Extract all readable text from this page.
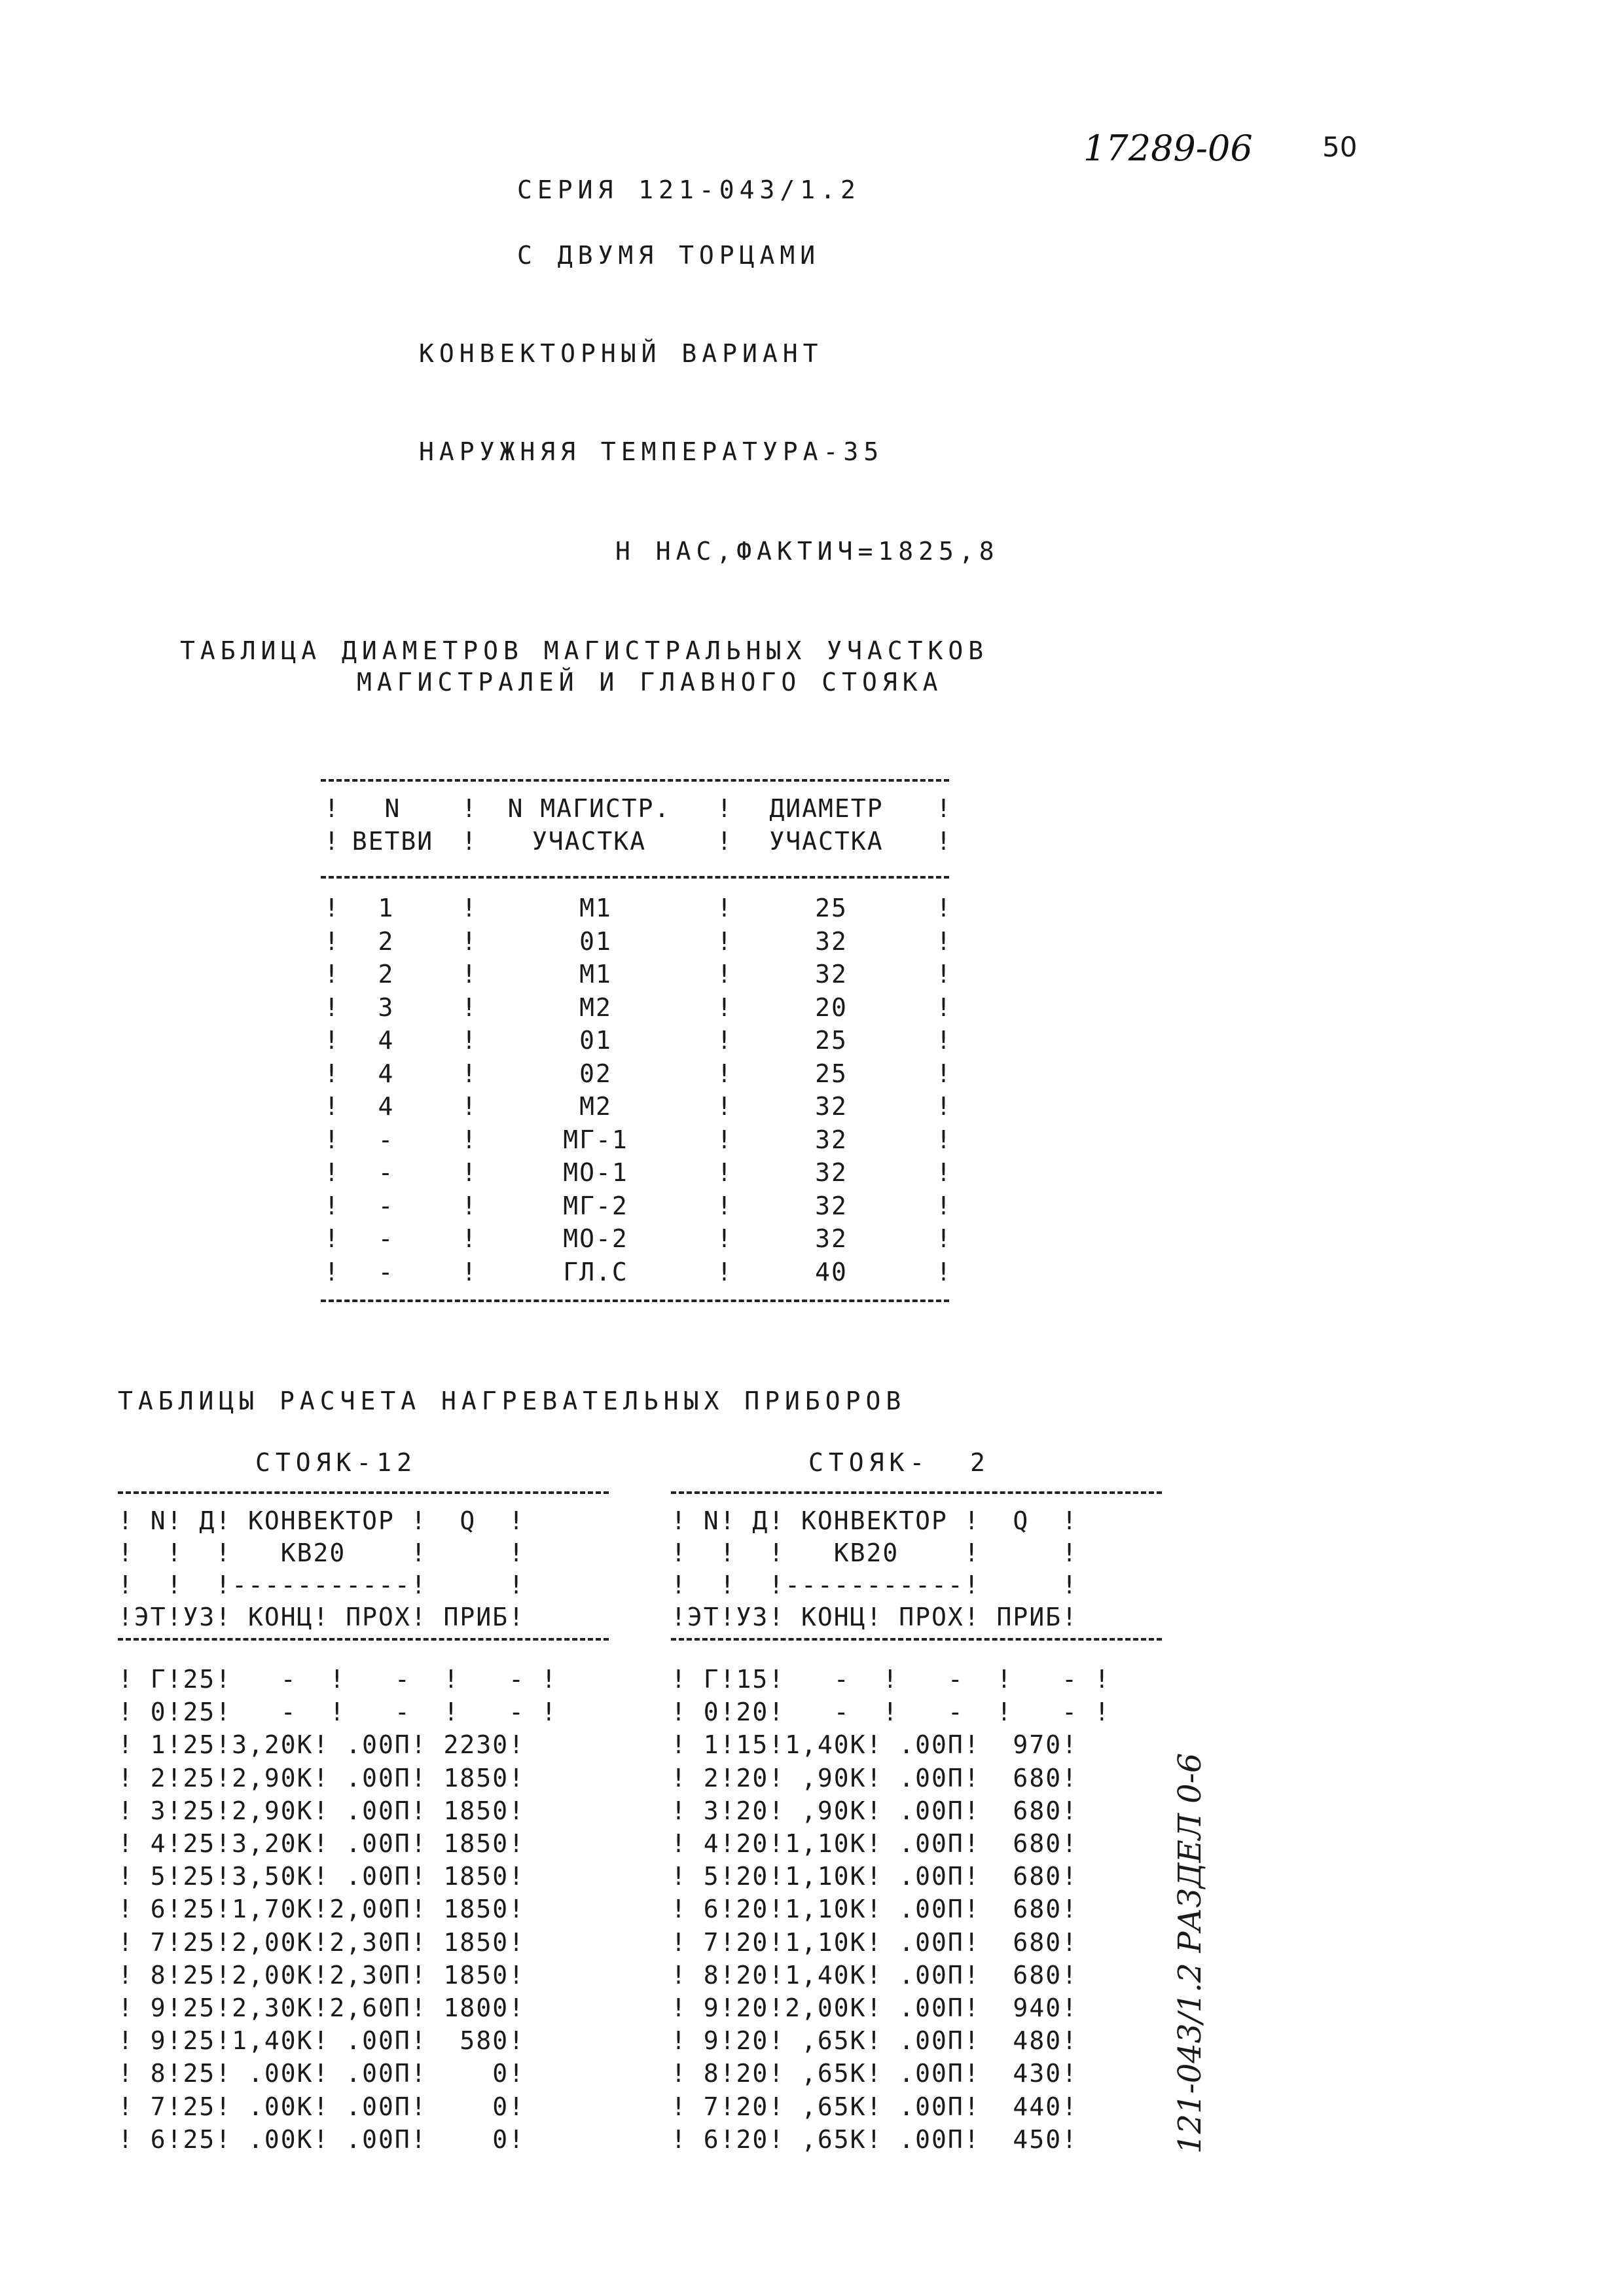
17289-06	50
СЕРИЯ 121-043/1.2
С ДВУМЯ ТОРЦАМИ
КОНВЕКТОРНЫЙ ВАРИАНТ
НАРУЖНЯЯ ТЕМПЕРАТУРА-35
Н НАС,ФАКТИЧ=1825,8
ТАБЛИЦА ДИАМЕТРОВ МАГИСТРАЛЬНЫХ УЧАСТКОВ
МАГИСТРАЛЕЙ И ГЛАВНОГО СТОЯКА
!	!	!	!
N	N МАГИСТР.	ДИАМЕТР
!	!	!	!
ВЕТВИ	УЧАСТКА	УЧАСТКА
!	!	!	!
1	М1	25
!	!	!	!
2	01	32
!	!	!	!
2	М1	32
!	!	!	!
3	М2	20
!	!	!	!
4	01	25
!	!	!	!
4	02	25
!	!	!	!
4	М2	32
!	!	!	!
-	МГ-1	32
!	!	!	!
-	МО-1	32
!	!	!	!
-	МГ-2	32
!	!	!	!
-	МО-2	32
!	!	!	!
-	ГЛ.С	40
ТАБЛИЦЫ РАСЧЕТА НАГРЕВАТЕЛЬНЫХ ПРИБОРОВ
СТОЯК-12	СТОЯК-  2
! N! Д! КОНВЕКТОР !  Q  !
!  !  !   КВ20    !     !
!  !  !-----------!     !
!ЭТ!УЗ! КОНЦ! ПРОХ! ПРИБ!
! Г!25!   -  !   -  !   - !
! 0!25!   -  !   -  !   - !
! 1!25!3,20К! .00П! 2230!
! 2!25!2,90К! .00П! 1850!
! 3!25!2,90К! .00П! 1850!
! 4!25!3,20К! .00П! 1850!
! 5!25!3,50К! .00П! 1850!
! 6!25!1,70К!2,00П! 1850!
! 7!25!2,00К!2,30П! 1850!
! 8!25!2,00К!2,30П! 1850!
! 9!25!2,30К!2,60П! 1800!
! 9!25!1,40К! .00П!  580!
! 8!25! .00К! .00П!    0!
! 7!25! .00К! .00П!    0!
! 6!25! .00К! .00П!    0!
! N! Д! КОНВЕКТОР !  Q  !
!  !  !   КВ20    !     !
!  !  !-----------!     !
!ЭТ!УЗ! КОНЦ! ПРОХ! ПРИБ!
! Г!15!   -  !   -  !   - !
! 0!20!   -  !   -  !   - !
! 1!15!1,40К! .00П!  970!
! 2!20! ,90К! .00П!  680!
! 3!20! ,90К! .00П!  680!
! 4!20!1,10К! .00П!  680!
! 5!20!1,10К! .00П!  680!
! 6!20!1,10К! .00П!  680!
! 7!20!1,10К! .00П!  680!
! 8!20!1,40К! .00П!  680!
! 9!20!2,00К! .00П!  940!
! 9!20! ,65К! .00П!  480!
! 8!20! ,65К! .00П!  430!
! 7!20! ,65К! .00П!  440!
! 6!20! ,65К! .00П!  450!	121-043/1.2 РАЗДЕЛ 0-6
